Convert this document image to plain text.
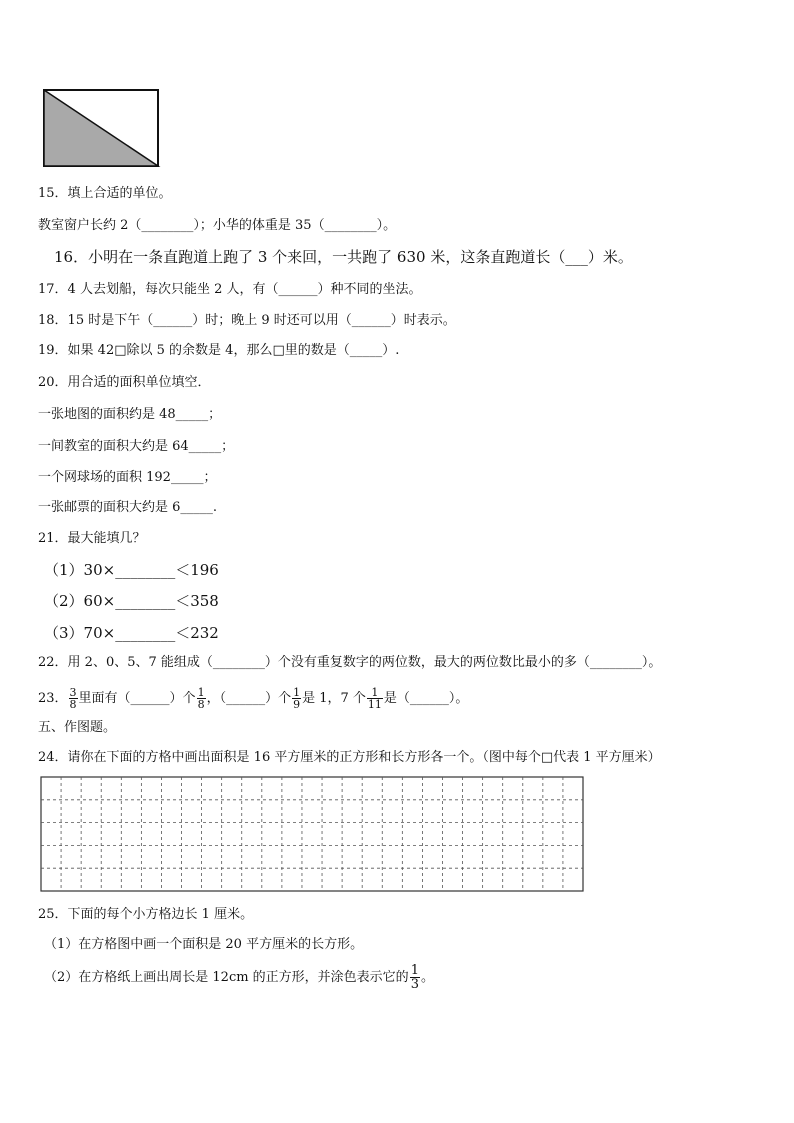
15．填上合适的单位。
教室窗户长约 2（________）；小华的体重是 35（________）。
16．小明在一条直跑道上跑了 3 个来回，一共跑了 630 米，这条直跑道长（___）米。
17．4 人去划船，每次只能坐 2 人，有（______）种不同的坐法。
18．15 时是下午（______）时；晚上 9 时还可以用（______）时表示。
19．如果 42□除以 5 的余数是 4，那么□里的数是（_____）.
20．用合适的面积单位填空．
一张地图的面积约是 48_____；
一间教室的面积大约是 64_____；
一个网球场的面积 192_____；
一张邮票的面积大约是 6_____.
21．最大能填几？
（1）30×________＜196
（2）60×________＜358
（3）70×________＜232
22．用 2、0、5、7 能组成（________）个没有重复数字的两位数，最大的两位数比最小的多（________）。
23． $\frac{3}{8}$ 里面有（______）个 $\frac{1}{8}$ ，（______）个 $\frac{1}{9}$ 是 1，7 个 $\frac{1}{11}$ 是（______）。
五、作图题。
24．请你在下面的方格中画出面积是 16 平方厘米的正方形和长方形各一个。（图中每个□代表 1 平方厘米）
25．下面的每个小方格边长 1 厘米。
（1）在方格图中画一个面积是 20 平方厘米的长方形。
（2）在方格纸上画出周长是 12cm 的正方形，并涂色表示它的 $\frac{1}{3}$ 。
